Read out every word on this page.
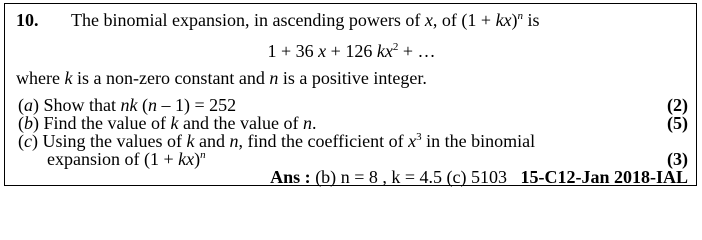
10. The binomial expansion, in ascending powers of x, of (1 + kx)$^n$ is
1 + 36 x + 126 $kx^2$ + …
where k is a non-zero constant and n is a positive integer.
(a) Show that nk (n – 1) = 252	(2)
(b) Find the value of k and the value of n.	(5)
(c) Using the values of k and n, find the coefficient of $x^3$ in the binomial
expansion of (1 + kx)$^n$	(3)
Ans : (b) n = 8 , k = 4.5 (c) 5103 15-C12-Jan 2018-IAL
